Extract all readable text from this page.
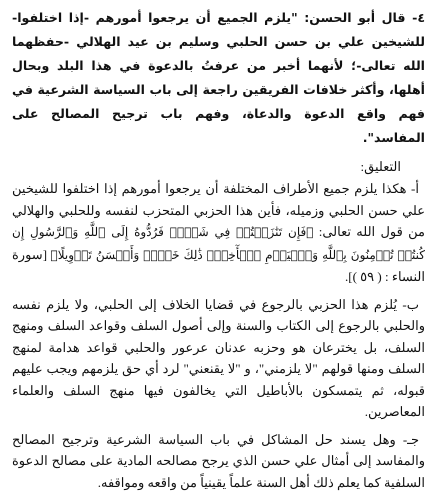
٤- قال أبو الحسن: "يلزم الجميع أن يرجعوا أمورهم -إذا اختلفوا- للشيخين علي بن حسن الحلبي وسليم بن عيد الهلالي -حفظهما الله تعالى-؛ لأنهما أخبر من عرفتُ بالدعوة في هذا البلد وبحال أهلها، وأكثر خلافات الفريقين راجعة إلى باب السياسة الشرعية في فهم واقع الدعوة والدعاة، وفهم باب ترجيح المصالح على المفاسد".

التعليق:

أ- هكذا يلزم جميع الأطراف المختلفة أن يرجعوا أمورهم إذا اختلفوا للشيخين علي حسن الحلبي وزميله، فأين هذا الحزبي المتحزب لنفسه وللحلبي والهلالي من قول الله تعالى: ﴿فَإِن تَنَٰزَعۡتُمۡ فِي شَيۡءٖ فَرُدُّوهُ إِلَى ٱللَّهِ وَٱلرَّسُولِ إِن كُنتُمۡ تُؤۡمِنُونَ بِٱللَّهِ وَٱلۡيَوۡمِ ٱلۡأٓخِرِۚ ذَٰلِكَ خَيۡرٞ وَأَحۡسَنُ تَأۡوِيلًا﴾ [سورة النساء : ( ٥٩ )].

ب- يُلزم هذا الحزبي بالرجوع في قضايا الخلاف إلى الحلبي، ولا يلزم نفسه والحلبي بالرجوع إلى الكتاب والسنة وإلى أصول السلف وقواعد السلف ومنهج السلف، بل يخترعان هو وحزبه عدنان عرعور والحلبي قواعد هدامة لمنهج السلف ومنها قولهم "لا يلزمني"، و "لا يقنعني" لرد أي حق يلزمهم ويجب عليهم قبوله، ثم يتمسكون بالأباطيل التي يخالفون فيها منهج السلف والعلماء المعاصرين.

جـ- وهل يسند حل المشاكل في باب السياسة الشرعية وترجيح المصالح والمفاسد إلى أمثال علي حسن الذي يرجح مصالحه المادية على مصالح الدعوة السلفية كما يعلم ذلك أهل السنة علماً يقينياً من واقعه ومواقفه.
